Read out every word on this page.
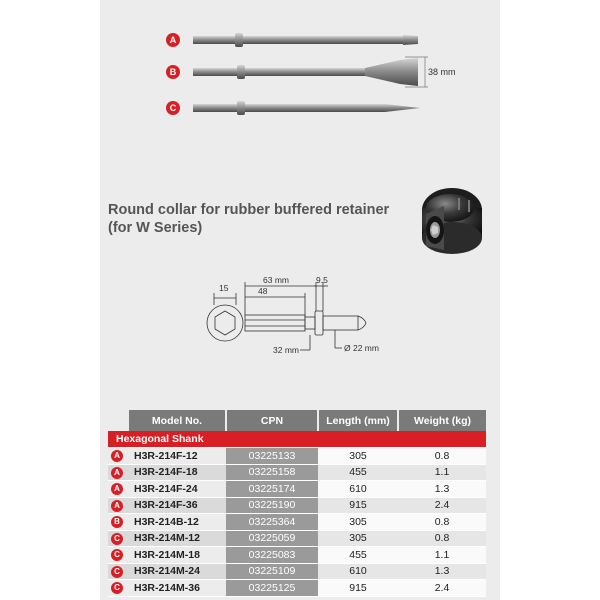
A
B
C
38 mm
Round collar for rubber buffered retainer
(for W Series)
63 mm	9.5
15	48
32 mm	Ø 22 mm
	Model No.	CPN	Length (mm)	Weight (kg)
Hexagonal Shank				

A	H3R-214F-12	03225133	305	0.8

A	H3R-214F-18	03225158	455	1.1

A	H3R-214F-24	03225174	610	1.3

A	H3R-214F-36	03225190	915	2.4

B	H3R-214B-12	03225364	305	0.8

C	H3R-214M-12	03225059	305	0.8

C	H3R-214M-18	03225083	455	1.1

C	H3R-214M-24	03225109	610	1.3

C	H3R-214M-36	03225125	915	2.4
